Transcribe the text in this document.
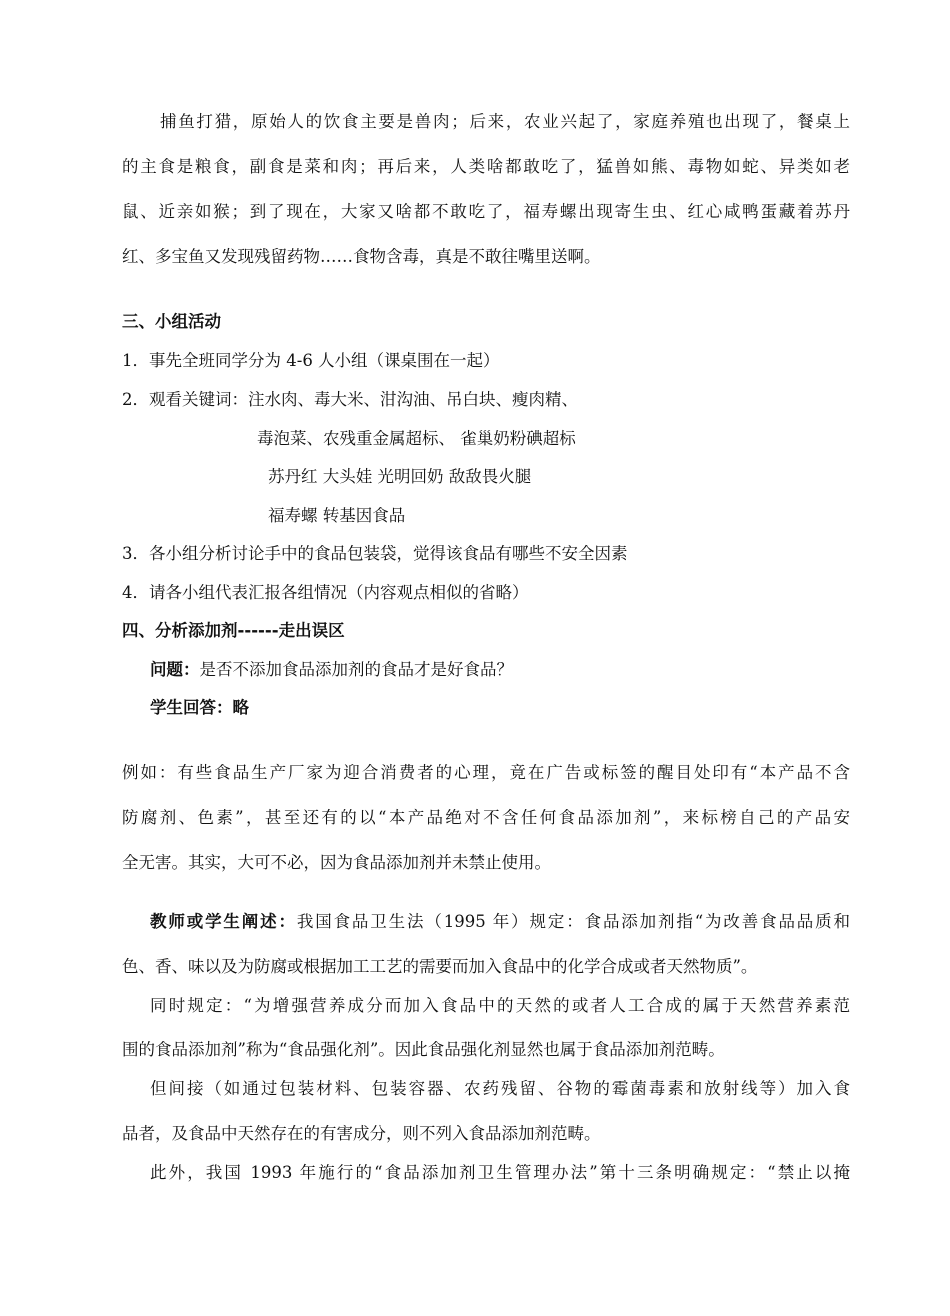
捕鱼打猎，原始人的饮食主要是兽肉；后来，农业兴起了，家庭养殖也出现了，餐桌上
的主食是粮食，副食是菜和肉；再后来，人类啥都敢吃了，猛兽如熊、毒物如蛇、异类如老
鼠、近亲如猴；到了现在，大家又啥都不敢吃了，福寿螺出现寄生虫、红心咸鸭蛋藏着苏丹
红、多宝鱼又发现残留药物……食物含毒，真是不敢往嘴里送啊。
三、小组活动
1．事先全班同学分为 4-6 人小组（课桌围在一起）
2．观看关键词：注水肉、毒大米、泔沟油、吊白块、瘦肉精、
毒泡菜、农残重金属超标、 雀巢奶粉碘超标
苏丹红 大头娃 光明回奶 敌敌畏火腿
福寿螺 转基因食品
3．各小组分析讨论手中的食品包装袋，觉得该食品有哪些不安全因素
4．请各小组代表汇报各组情况（内容观点相似的省略）
四、分析添加剂------走出误区
问题：是否不添加食品添加剂的食品才是好食品？
学生回答：略
例如：有些食品生产厂家为迎合消费者的心理，竟在广告或标签的醒目处印有“本产品不含
防腐剂、色素”，甚至还有的以“本产品绝对不含任何食品添加剂”，来标榜自己的产品安
全无害。其实，大可不必，因为食品添加剂并未禁止使用。
教师或学生阐述：我国食品卫生法（1995 年）规定：食品添加剂指“为改善食品品质和
色、香、味以及为防腐或根据加工工艺的需要而加入食品中的化学合成或者天然物质”。
同时规定：“为增强营养成分而加入食品中的天然的或者人工合成的属于天然营养素范
围的食品添加剂”称为“食品强化剂”。因此食品强化剂显然也属于食品添加剂范畴。
但间接（如通过包装材料、包装容器、农药残留、谷物的霉菌毒素和放射线等）加入食
品者，及食品中天然存在的有害成分，则不列入食品添加剂范畴。
此外，我国 1993 年施行的“食品添加剂卫生管理办法”第十三条明确规定：“禁止以掩
